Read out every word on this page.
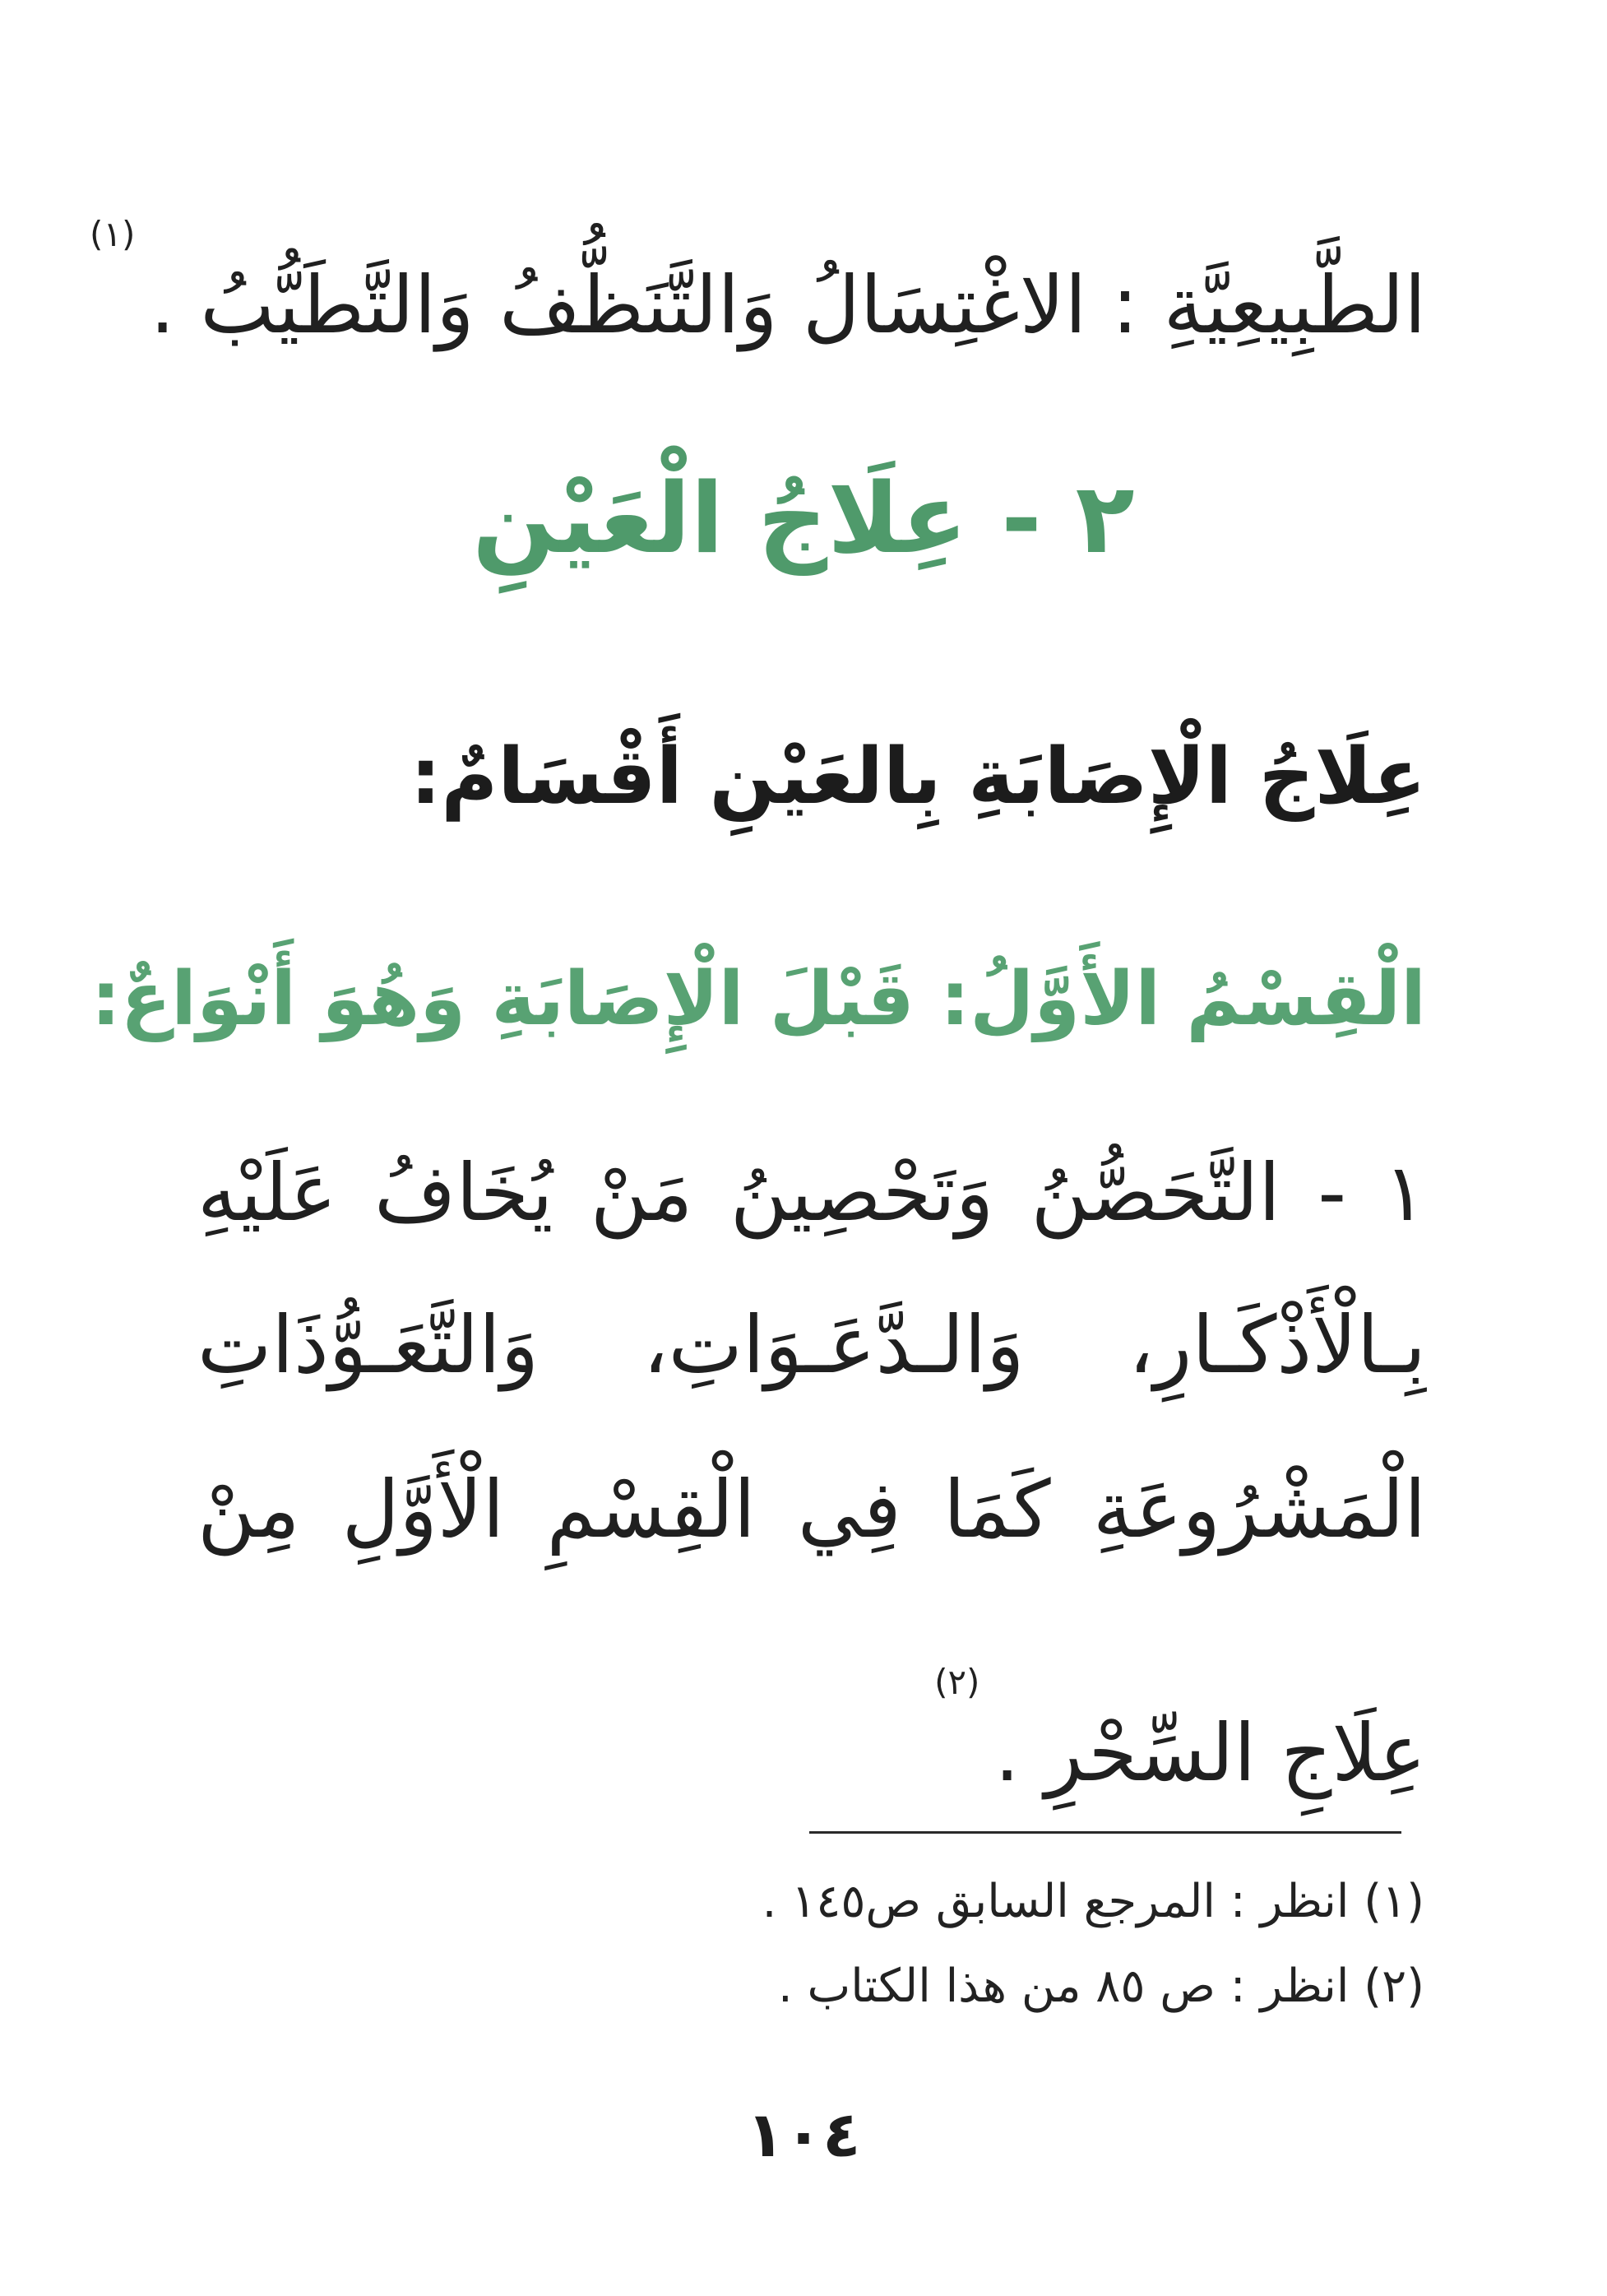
الطَّبِيعِيَّةِ : الاغْتِسَالُ وَالتَّنَظُّفُ وَالتَّطَيُّبُ .$^{(١)}$
٢ - عِلَاجُ الْعَيْنِ
عِلَاجُ الْإِصَابَةِ بِالعَيْنِ أَقْسَامٌ:
الْقِسْمُ الأَوَّلُ: قَبْلَ الْإِصَابَةِ وَهُوَ أَنْوَاعٌ:
١ - التَّحَصُّنُ وَتَحْصِينُ مَنْ يُخَافُ عَلَيْهِ
بِـالْأَذْكَـارِ، وَالـدَّعَـوَاتِ، وَالتَّعَـوُّذَاتِ
الْمَشْرُوعَةِ كَمَا فِي الْقِسْمِ الْأَوَّلِ مِنْ
عِلَاجِ السِّحْرِ .$^{(٢)}$
(١) انظر : المرجع السابق ص١٤٥ .
(٢) انظر : ص ٨٥ من هذا الكتاب .
١٠٤
